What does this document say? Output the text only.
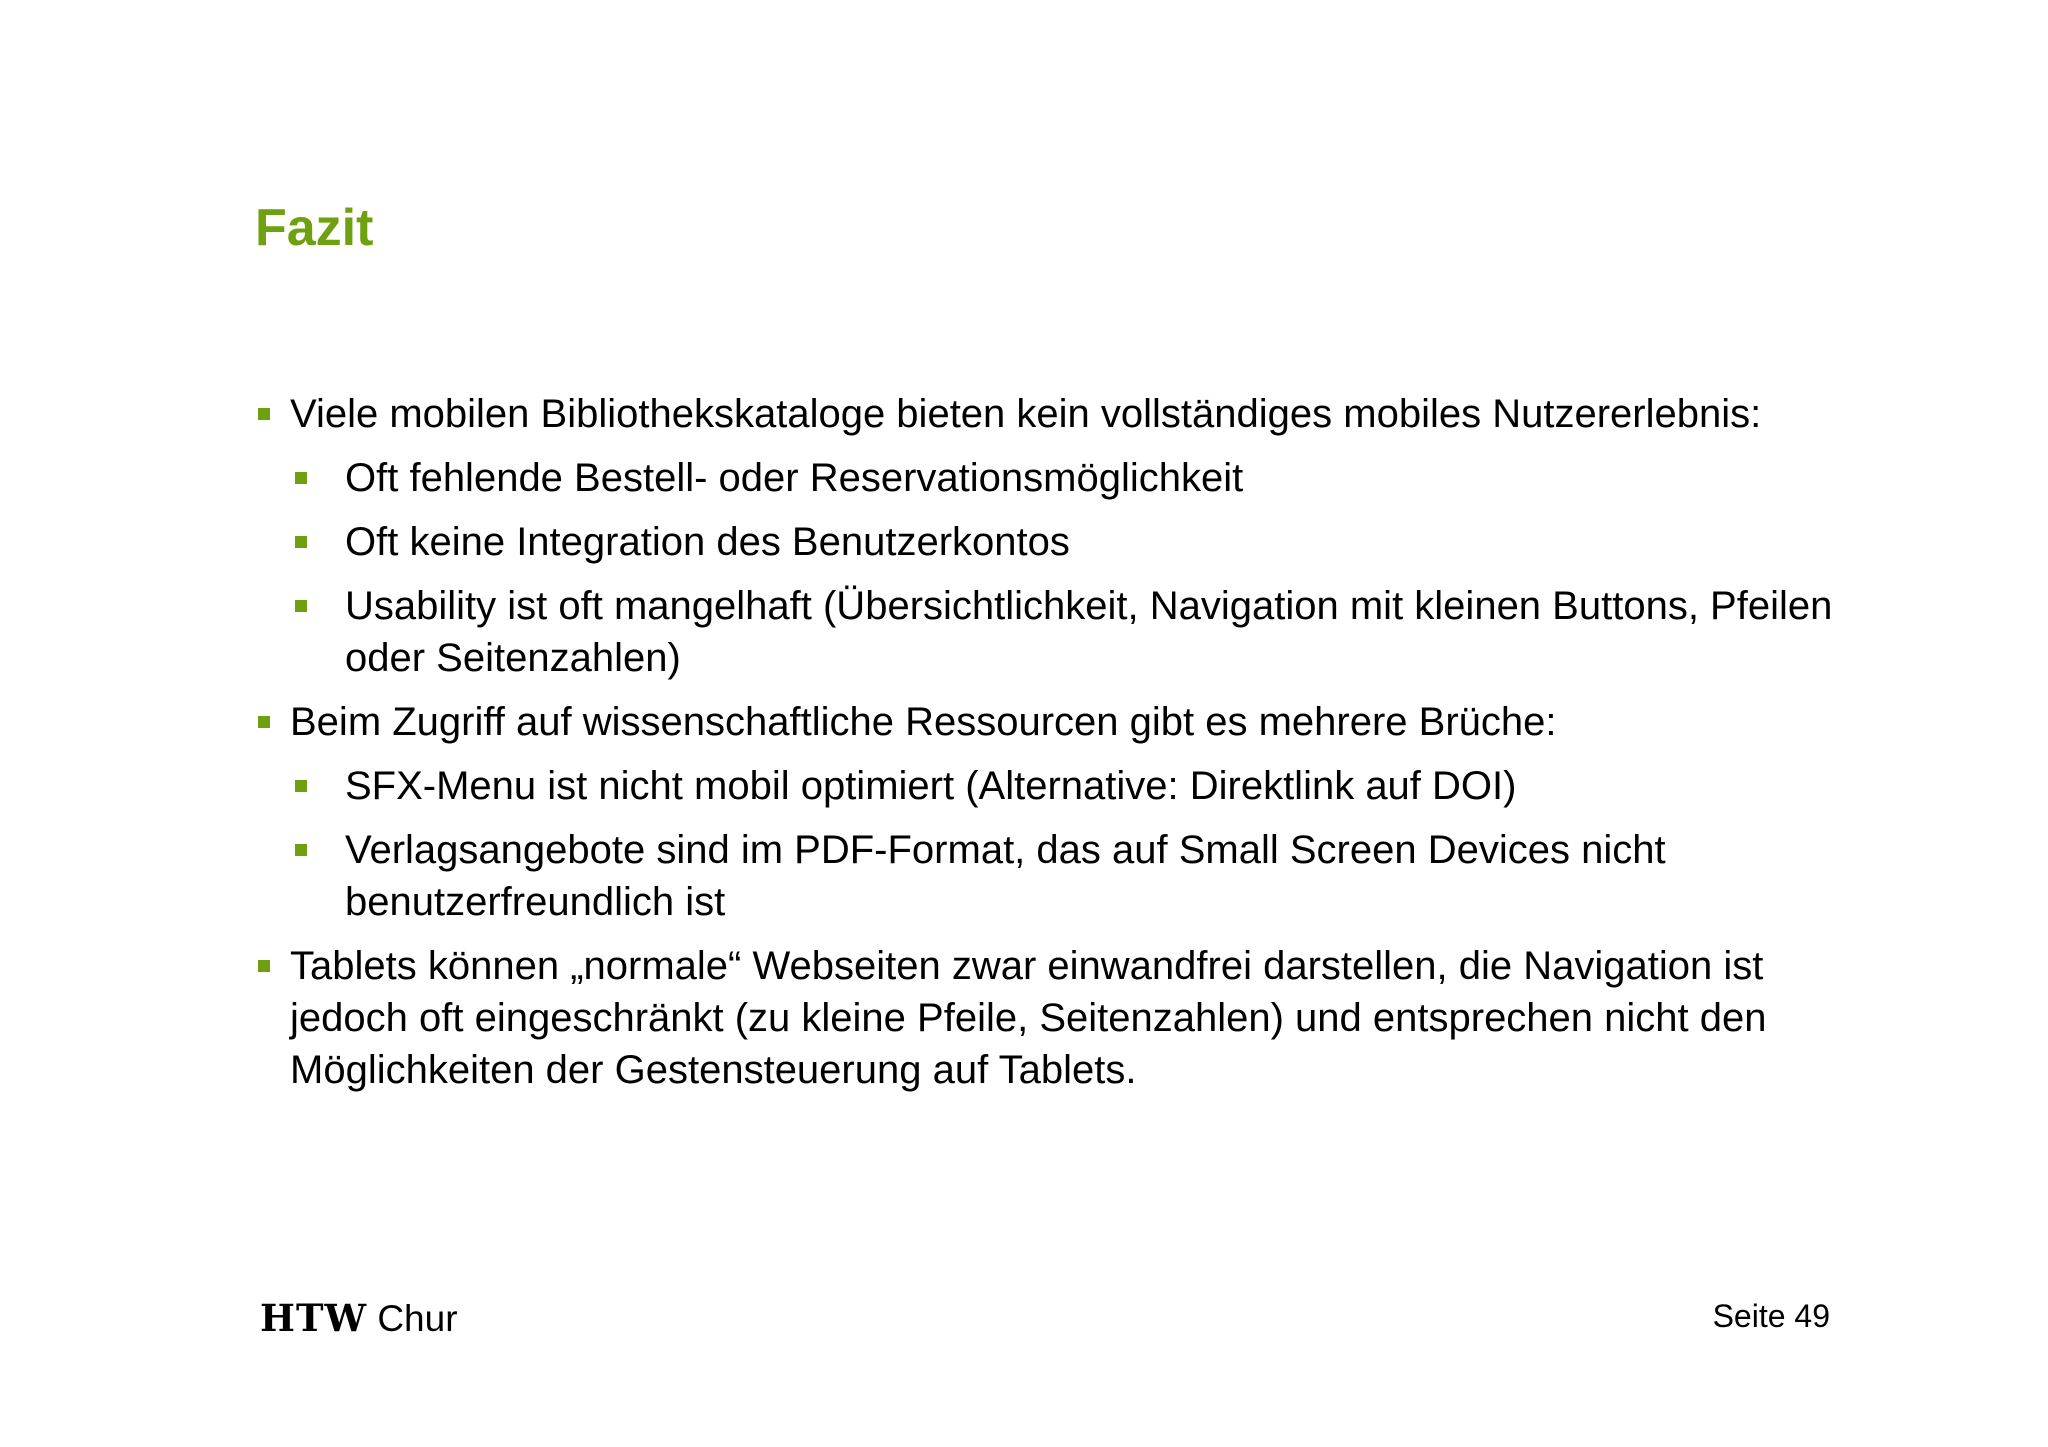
Fazit
Viele mobilen Bibliothekskataloge bieten kein vollständiges mobiles Nutzererlebnis:
Oft fehlende Bestell- oder Reservationsmöglichkeit
Oft keine Integration des Benutzerkontos
Usability ist oft mangelhaft (Übersichtlichkeit, Navigation mit kleinen Buttons, Pfeilen oder Seitenzahlen)
Beim Zugriff auf wissenschaftliche Ressourcen gibt es mehrere Brüche:
SFX-Menu ist nicht mobil optimiert (Alternative: Direktlink auf DOI)
Verlagsangebote sind im PDF-Format, das auf Small Screen Devices nicht benutzerfreundlich ist
Tablets können „normale“ Webseiten zwar einwandfrei darstellen, die Navigation ist jedoch oft eingeschränkt (zu kleine Pfeile, Seitenzahlen) und entsprechen nicht den Möglichkeiten der Gestensteuerung auf Tablets.
HTW Chur	Seite 49
